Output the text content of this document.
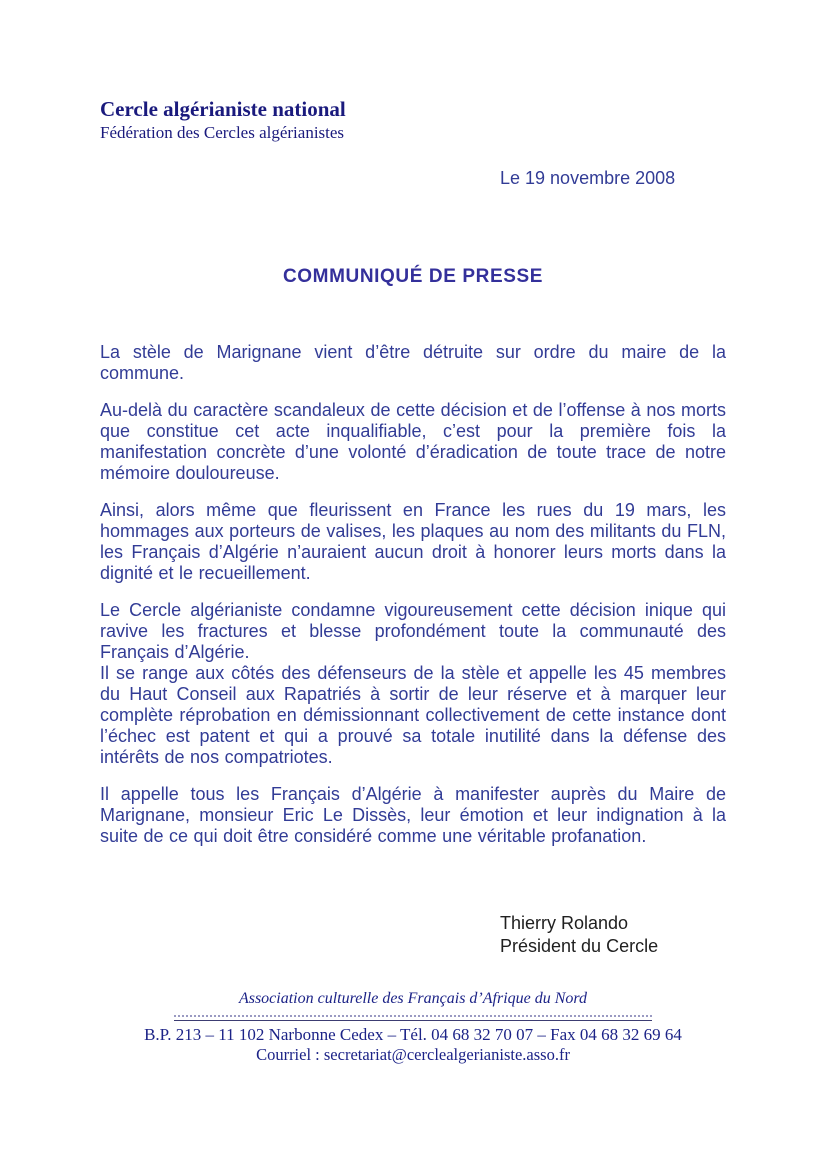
Cercle algérianiste national
Fédération des Cercles algérianistes
Le 19 novembre 2008
COMMUNIQUÉ DE PRESSE

La stèle de Marignane vient d’être détruite sur ordre du maire de la commune.

Au-delà du caractère scandaleux de cette décision et de l’offense à nos morts que constitue cet acte inqualifiable, c’est pour la première fois la manifestation concrète d’une volonté d’éradication de toute trace de notre mémoire douloureuse.

Ainsi, alors même que fleurissent en France les rues du 19 mars, les hommages aux porteurs de valises, les plaques au nom des militants du FLN, les Français d’Algérie n’auraient aucun droit à honorer leurs morts dans la dignité et le recueillement.

Le Cercle algérianiste condamne vigoureusement cette décision inique qui ravive les fractures et blesse profondément toute la communauté des Français d’Algérie.

Il se range aux côtés des défenseurs de la stèle et appelle les 45 membres du Haut Conseil aux Rapatriés à sortir de leur réserve et à marquer leur complète réprobation en démissionnant collectivement de cette instance dont l’échec est patent et qui a prouvé sa totale inutilité dans la défense des intérêts de nos compatriotes.

Il appelle tous les Français d’Algérie à manifester auprès du Maire de Marignane, monsieur Eric Le Dissès, leur émotion et leur indignation à la suite de ce qui doit être considéré comme une véritable profanation.

Thierry Rolando
Président du Cercle
Association culturelle des Français d’Afrique du Nord
B.P. 213 – 11 102 Narbonne Cedex – Tél. 04 68 32 70 07 – Fax 04 68 32 69 64
Courriel : secretariat@cerclealgerianiste.asso.fr
